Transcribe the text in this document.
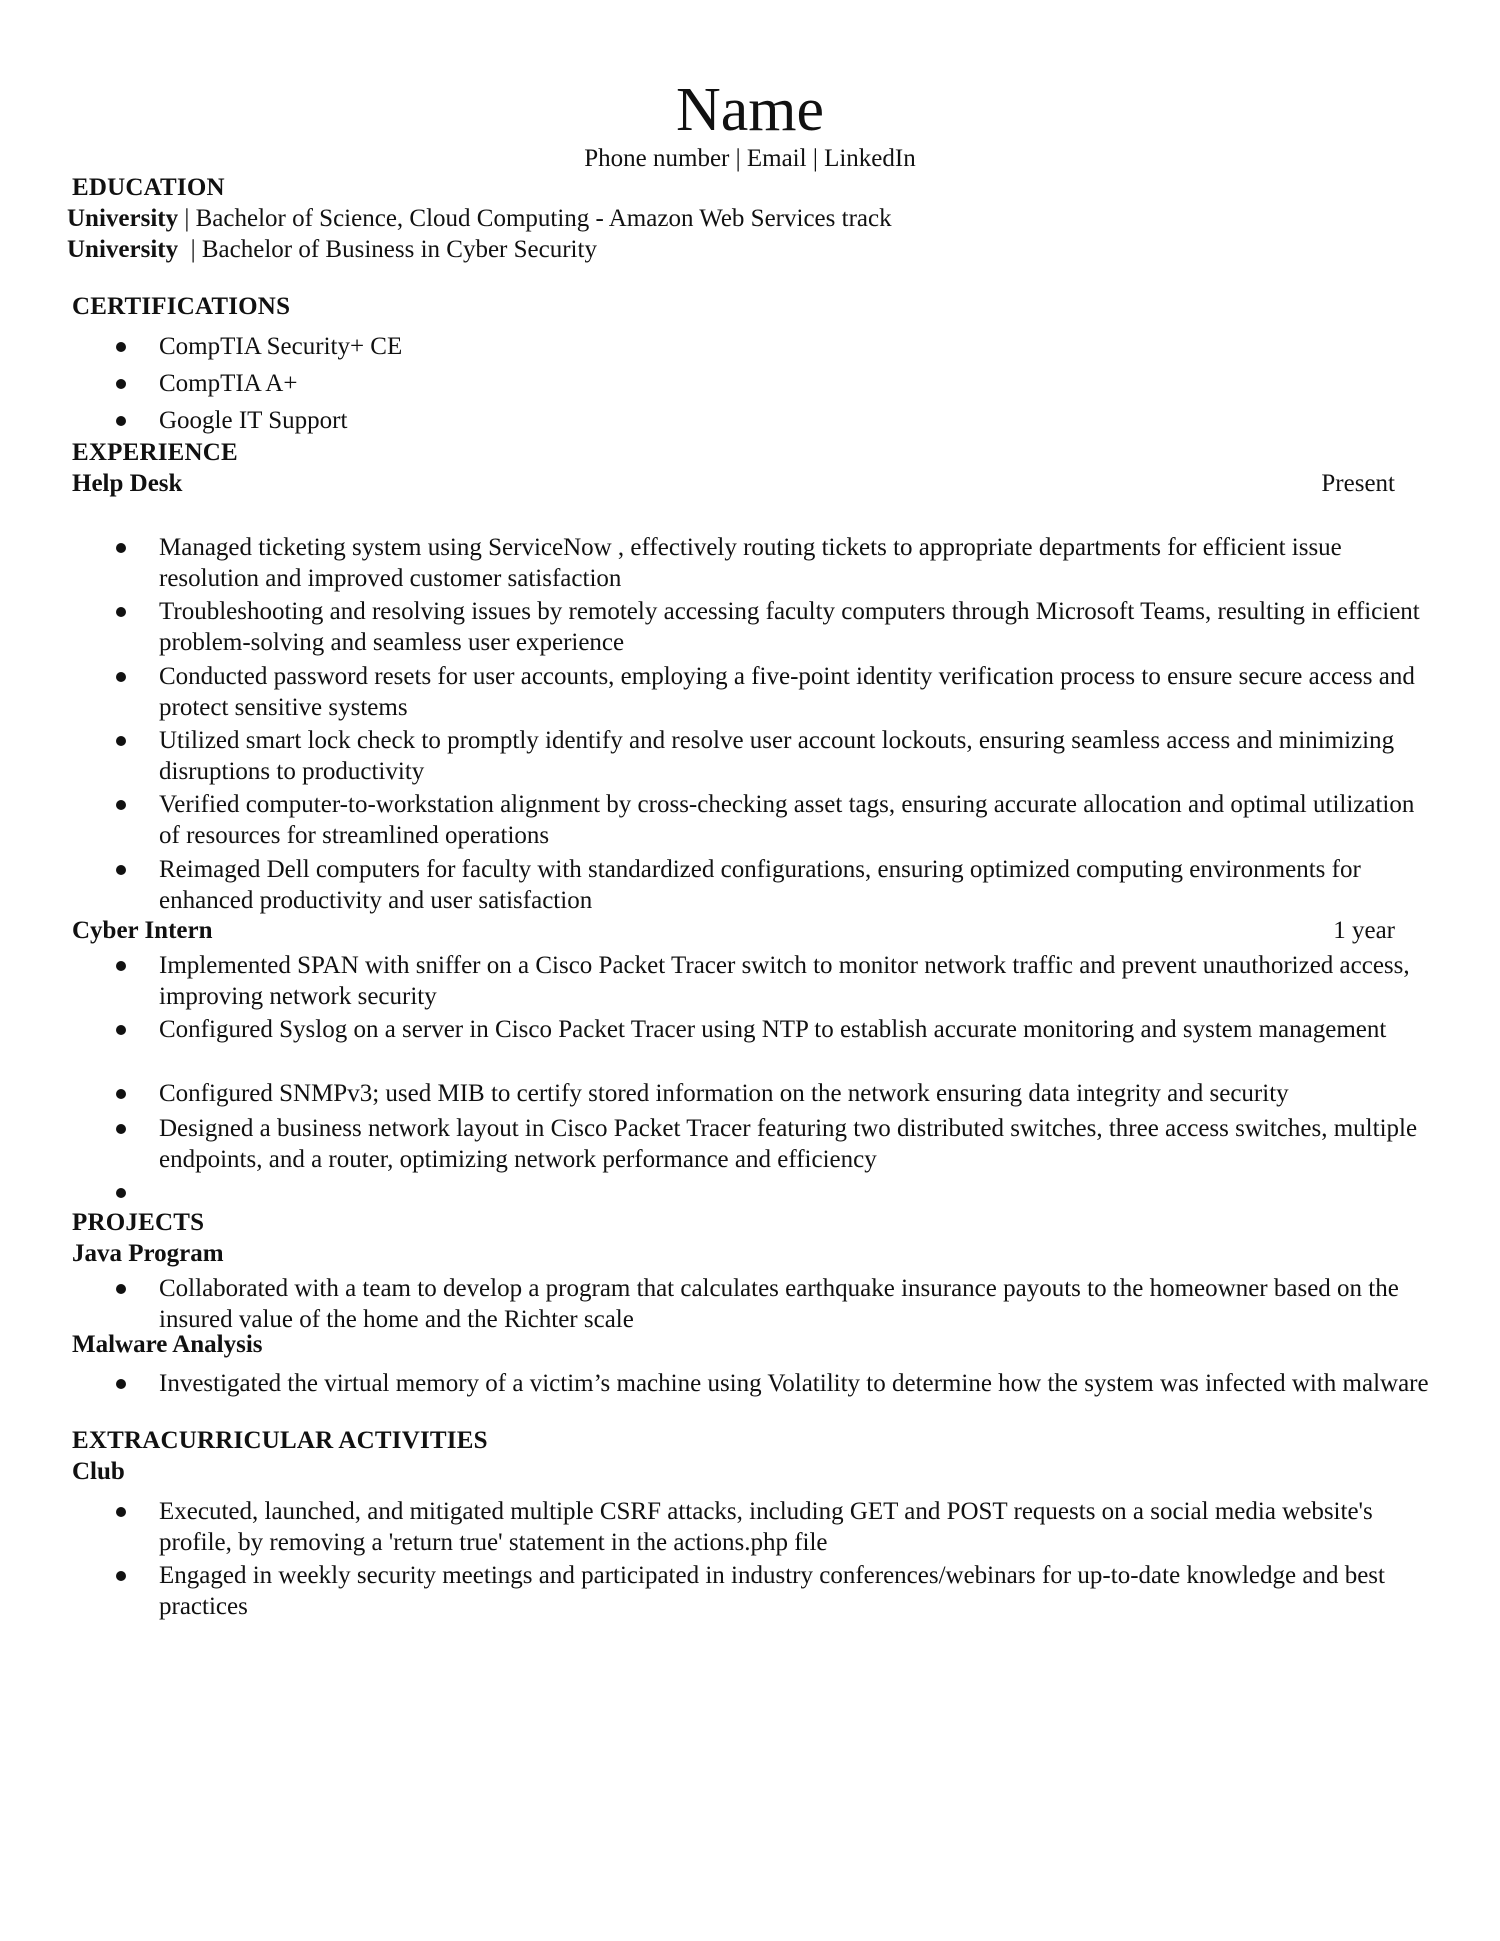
Name
Phone number | Email | LinkedIn
EDUCATION
University | Bachelor of Science, Cloud Computing - Amazon Web Services track
University  | Bachelor of Business in Cyber Security
CERTIFICATIONS
CompTIA Security+ CE
CompTIA A+
Google IT Support
EXPERIENCE
Help Desk	Present
Managed ticketing system using ServiceNow , effectively routing tickets to appropriate departments for efficient issue resolution and improved customer satisfaction
Troubleshooting and resolving issues by remotely accessing faculty computers through Microsoft Teams, resulting in efficient problem-solving and seamless user experience
Conducted password resets for user accounts, employing a five-point identity verification process to ensure secure access and protect sensitive systems
Utilized smart lock check to promptly identify and resolve user account lockouts, ensuring seamless access and minimizing disruptions to productivity
Verified computer-to-workstation alignment by cross-checking asset tags, ensuring accurate allocation and optimal utilization of resources for streamlined operations
Reimaged Dell computers for faculty with standardized configurations, ensuring optimized computing environments for enhanced productivity and user satisfaction
Cyber Intern	1 year
Implemented SPAN with sniffer on a Cisco Packet Tracer switch to monitor network traffic and prevent unauthorized access, improving network security
Configured Syslog on a server in Cisco Packet Tracer using NTP to establish accurate monitoring and system management
Configured SNMPv3; used MIB to certify stored information on the network ensuring data integrity and security
Designed a business network layout in Cisco Packet Tracer featuring two distributed switches, three access switches, multiple endpoints, and a router, optimizing network performance and efficiency
PROJECTS
Java Program
Collaborated with a team to develop a program that calculates earthquake insurance payouts to the homeowner based on the insured value of the home and the Richter scale
Malware Analysis
Investigated the virtual memory of a victim’s machine using Volatility to determine how the system was infected with malware
EXTRACURRICULAR ACTIVITIES
Club
Executed, launched, and mitigated multiple CSRF attacks, including GET and POST requests on a social media website's profile, by removing a 'return true' statement in the actions.php file
Engaged in weekly security meetings and participated in industry conferences/webinars for up-to-date knowledge and best practices
